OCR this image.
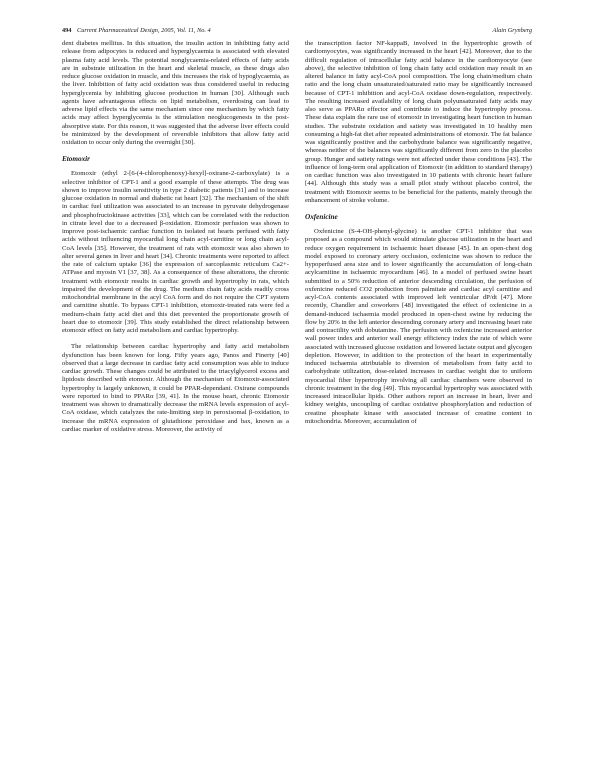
494 Current Pharmaceutical Design, 2005, Vol. 11, No. 4	Alain Grynberg

dent diabetes mellitus. In this situation, the insulin action in inhibiting fatty acid release from adipocytes is reduced and hyperglycaemia is associated with elevated plasma fatty acid levels. The potential nonglycaemia-related effects of fatty acids are in substrate utilization in the heart and skeletal muscle, as these drugs also reduce glucose oxidation in muscle, and this increases the risk of hypoglycaemia, as the liver. Inhibition of fatty acid oxidation was thus considered useful in reducing hyperglycemia by inhibiting glucose production in human [30]. Although such agents have advantageous effects on lipid metabolism, overdosing can lead to adverse lipid effects via the same mechanism since one mechanism by which fatty acids may affect hyperglycemia is the stimulation neoglucogenesis in the post-absorptive state. For this reason, it was suggested that the adverse liver effects could be minimized by the development of reversible inhibitors that allow fatty acid oxidation to occur only during the overnight [30].

Etomoxir

Etomoxir (ethyl 2-[6-(4-chlorophenoxy)-hexyl]-oxirane-2-carboxylate) is a selective inhibitor of CPT-1 and a good example of these attempts. The drug was shown to improve insulin sensitivity in type 2 diabetic patients [31] and to increase glucose oxidation in normal and diabetic rat heart [32]. The mechanism of the shift in cardiac fuel utilization was associated to an increase in pyruvate dehydrogenase and phosphofructokinase activities [33], which can be correlated with the reduction in citrate level due to a decreased β-oxidation. Etomoxir perfusion was shown to improve post-ischaemic cardiac function in isolated rat hearts perfused with fatty acids without influencing myocardial long chain acyl-carnitine or long chain acyl-CoA levels [35]. However, the treatment of rats with etomoxir was also shown to alter several genes in liver and heart [34]. Chronic treatments were reported to affect the rate of calcium uptake [36] the expression of sarcoplasmic reticulum Ca2+-ATPase and myosin V1 [37, 38]. As a consequence of these alterations, the chronic treatment with etomoxir results in cardiac growth and hypertrophy in rats, which impaired the development of the drug. The medium chain fatty acids readily cross mitochondrial membrane in the acyl CoA form and do not require the CPT system and carnitine shuttle. To bypass CPT-1 inhibition, etomoxir-treated rats were fed a medium-chain fatty acid diet and this diet prevented the proportionate growth of heart due to etomoxir [39]. This study established the direct relationship between etomoxir effect on fatty acid metabolism and cardiac hypertrophy.

The relationship between cardiac hypertrophy and fatty acid metabolism dysfunction has been known for long. Fifty years ago, Panos and Finerty [40] observed that a large decrease in cardiac fatty acid consumption was able to induce cardiac growth. These changes could be attributed to the triacylglycerol excess and lipidosis described with etomoxir. Although the mechanism of Etomoxir-associated hypertrophy is largely unknown, it could be PPAR-dependant. Oxirane compounds were reported to bind to PPARα [39, 41]. In the mouse heart, chronic Etomoxir treatment was shown to dramatically decrease the mRNA levels expression of acyl-CoA oxidase, which catalyzes the rate-limiting step in peroxisomal β-oxidation, to increase the mRNA expression of glutathione peroxidase and bax, known as a cardiac marker of oxidative stress. Moreover, the activity of

the transcription factor NF-kappaB, involved in the hypertrophic growth of cardiomyocytes, was significantly increased in the heart [42]. Moreover, due to the difficult regulation of intracellular fatty acid balance in the cardiomyocyte (see above), the selective inhibition of long chain fatty acid oxidation may result in an altered balance in fatty acyl-CoA pool composition. The long chain/medium chain ratio and the long chain unsaturated/saturated ratio may be significantly increased because of CPT-1 inhibition and acyl-CoA oxidase down-regulation, respectively. The resulting increased availability of long chain polyunsaturated fatty acids may also serve as PPARα effector and contribute to induce the hypertrophy process. These data explain the rare use of etomoxir in investigating heart function in human studies. The substrate oxidation and satiety was investigated in 10 healthy men consuming a high-fat diet after repeated administrations of etomoxir. The fat balance was significantly positive and the carbohydrate balance was significantly negative, whereas neither of the balances was significantly different from zero in the placebo group. Hunger and satiety ratings were not affected under these conditions [43]. The influence of long-term oral application of Etomoxir (in addition to standard therapy) on cardiac function was also investigated in 10 patients with chronic heart failure [44]. Although this study was a small pilot study without placebo control, the treatment with Etomoxir seems to be beneficial for the patients, mainly through the enhancement of stroke volume.

Oxfenicine

Oxfenicine (S-4-OH-phenyl-glycine) is another CPT-1 inhibitor that was proposed as a compound which would stimulate glucose utilization in the heart and reduce oxygen requirement in ischaemic heart disease [45]. In an open-chest dog model exposed to coronary artery occlusion, oxfenicine was shown to reduce the hypoperfused area size and to lower significantly the accumulation of long-chain acylcarnitine in ischaemic myocardium [46]. In a model of perfused swine heart submitted to a 50% reduction of anterior descending circulation, the perfusion of oxfenicine reduced CO2 production from palmitate and cardiac acyl carnitine and acyl-CoA contents associated with improved left ventricular dP/dt [47]. More recently, Chandler and coworkers [48] investigated the effect of oxfenicine in a demand-induced ischaemia model produced in open-chest swine by reducing the flow by 20% in the left anterior descending coronary artery and increasing heart rate and contractility with dobutamine. The perfusion with oxfenicine increased anterior wall power index and anterior wall energy efficiency index the rate of which were associated with increased glucose oxidation and lowered lactate output and glycogen depletion. However, in addition to the protection of the heart in experimentally induced ischaemia attributable to diversion of metabolism from fatty acid to carbohydrate utilization, dose-related increases in cardiac weight due to uniform myocardial fiber hypertrophy involving all cardiac chambers were observed in chronic treatment in the dog [49]. This myocardial hypertrophy was associated with increased intracellular lipids. Other authors report an increase in heart, liver and kidney weights, uncoupling of cardiac oxidative phosphorylation and reduction of creatine phosphate kinase with associated increase of creatine content in mitochondria. Moreover, accumulation of
